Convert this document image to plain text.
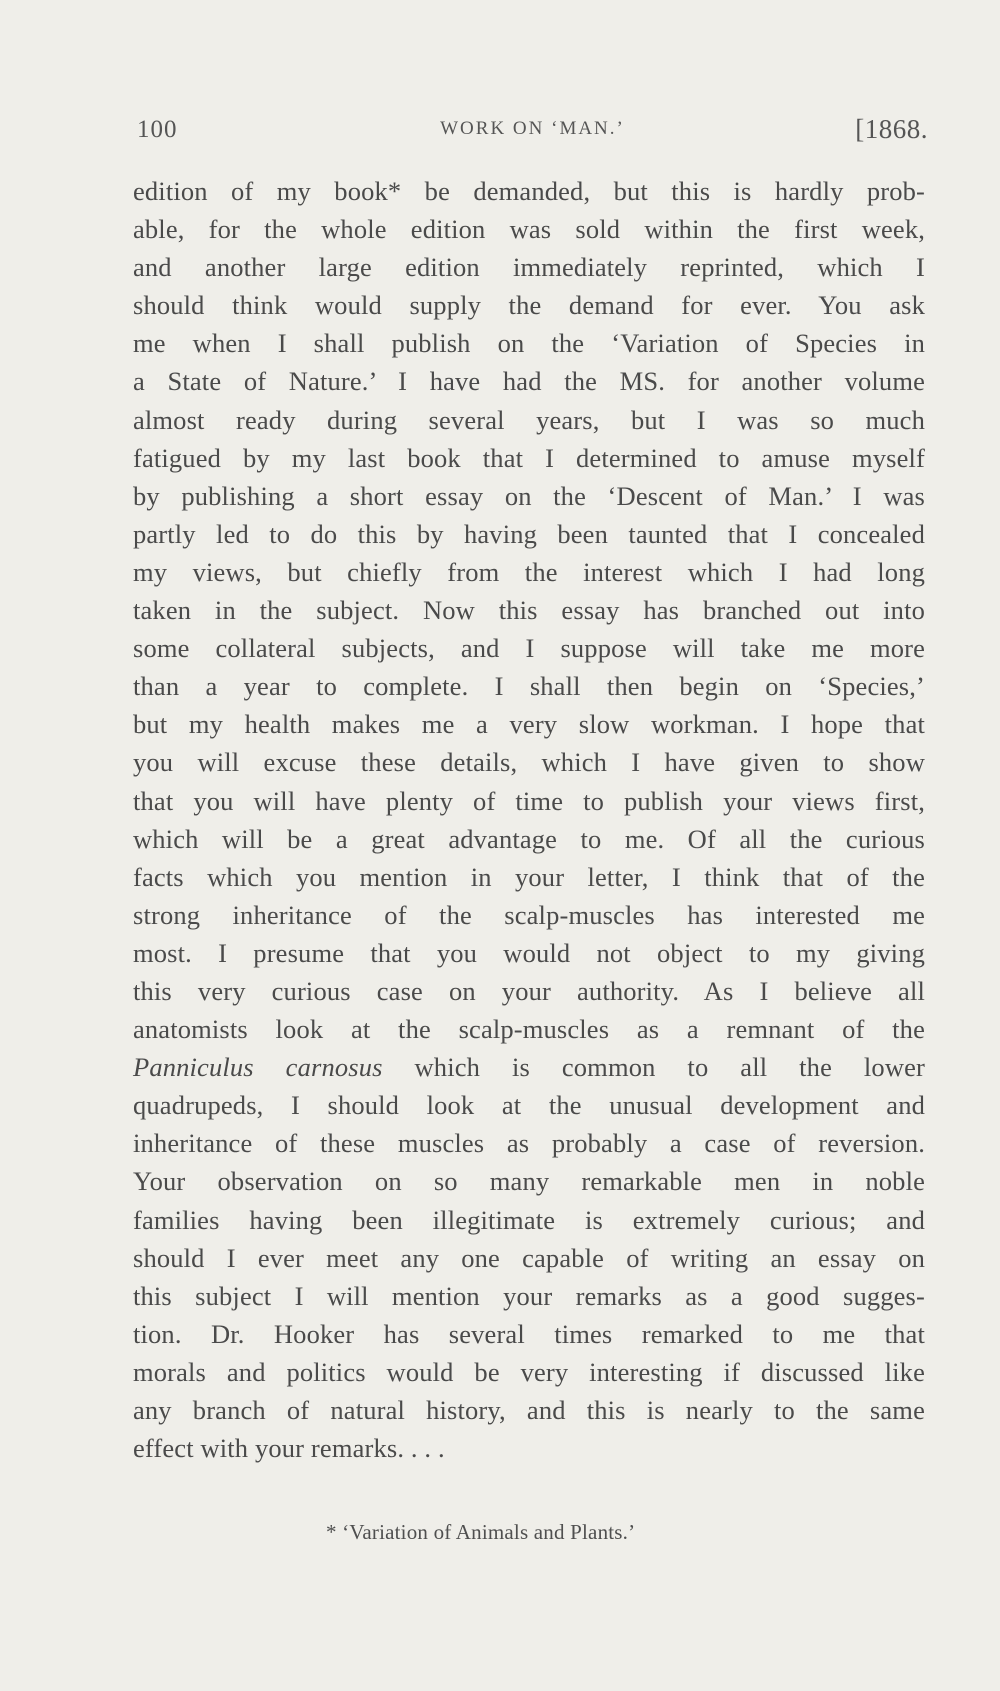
100	WORK ON ‘MAN.’	[1868.
edition of my book* be demanded, but this is hardly prob-
able, for the whole edition was sold within the first week,
and another large edition immediately reprinted, which I
should think would supply the demand for ever. You ask
me when I shall publish on the ‘Variation of Species in
a State of Nature.’ I have had the MS. for another volume
almost ready during several years, but I was so much
fatigued by my last book that I determined to amuse myself
by publishing a short essay on the ‘Descent of Man.’ I was
partly led to do this by having been taunted that I concealed
my views, but chiefly from the interest which I had long
taken in the subject. Now this essay has branched out into
some collateral subjects, and I suppose will take me more
than a year to complete. I shall then begin on ‘Species,’
but my health makes me a very slow workman. I hope that
you will excuse these details, which I have given to show
that you will have plenty of time to publish your views first,
which will be a great advantage to me. Of all the curious
facts which you mention in your letter, I think that of the
strong inheritance of the scalp-muscles has interested me
most. I presume that you would not object to my giving
this very curious case on your authority. As I believe all
anatomists look at the scalp-muscles as a remnant of the
Panniculus carnosus which is common to all the lower
quadrupeds, I should look at the unusual development and
inheritance of these muscles as probably a case of reversion.
Your observation on so many remarkable men in noble
families having been illegitimate is extremely curious; and
should I ever meet any one capable of writing an essay on
this subject I will mention your remarks as a good sugges-
tion. Dr. Hooker has several times remarked to me that
morals and politics would be very interesting if discussed like
any branch of natural history, and this is nearly to the same
effect with your remarks. . . .
* ‘Variation of Animals and Plants.’
